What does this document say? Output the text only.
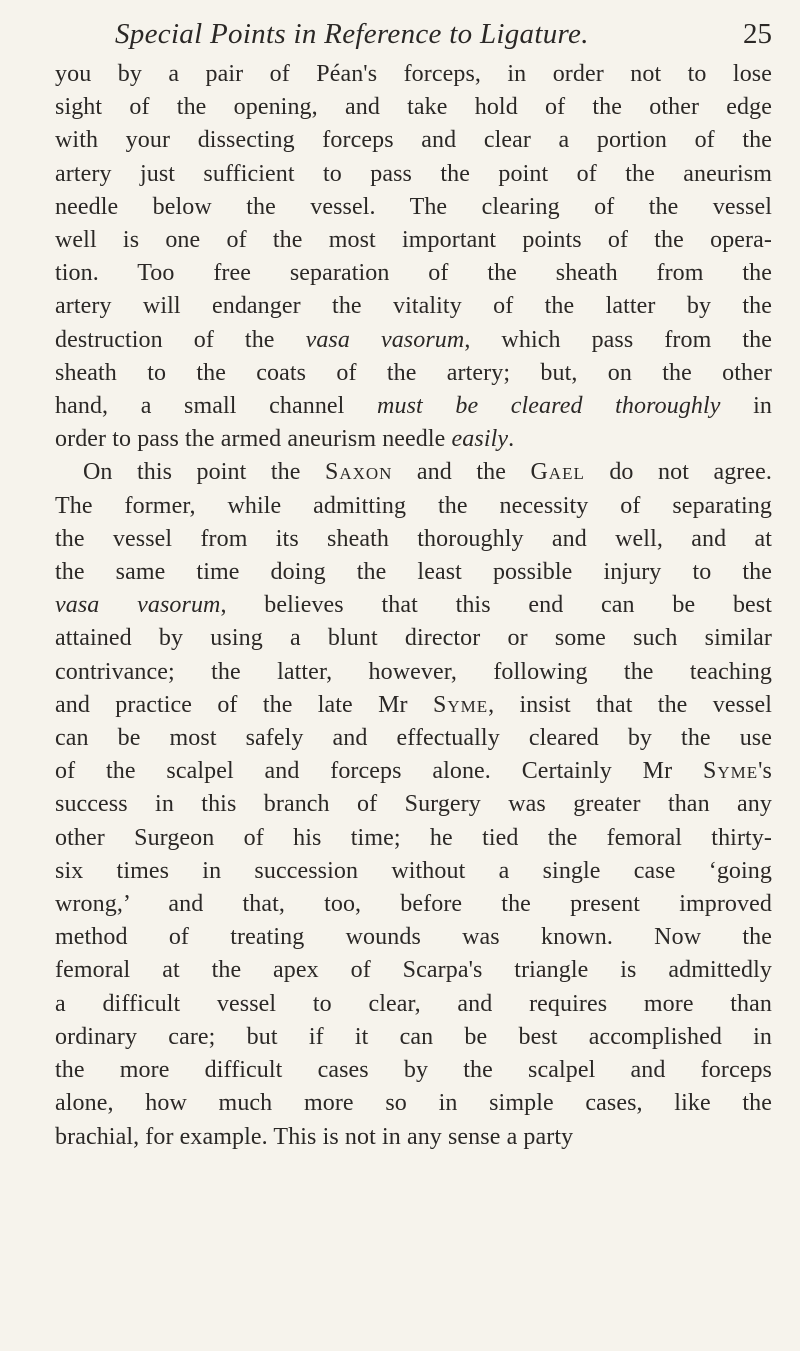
Special Points in Reference to Ligature.	25
you by a pair of Péan's forceps, in order not to lose
sight of the opening, and take hold of the other edge
with your dissecting forceps and clear a portion of the
artery just sufficient to pass the point of the aneurism
needle below the vessel. The clearing of the vessel
well is one of the most important points of the opera-
tion. Too free separation of the sheath from the
artery will endanger the vitality of the latter by the
destruction of the vasa vasorum, which pass from the
sheath to the coats of the artery; but, on the other
hand, a small channel must be cleared thoroughly in
order to pass the armed aneurism needle easily.
On this point the Saxon and the Gael do not agree.
The former, while admitting the necessity of separating
the vessel from its sheath thoroughly and well, and at
the same time doing the least possible injury to the
vasa vasorum, believes that this end can be best
attained by using a blunt director or some such similar
contrivance; the latter, however, following the teaching
and practice of the late Mr Syme, insist that the vessel
can be most safely and effectually cleared by the use
of the scalpel and forceps alone. Certainly Mr Syme's
success in this branch of Surgery was greater than any
other Surgeon of his time; he tied the femoral thirty-
six times in succession without a single case ‘going
wrong,’ and that, too, before the present improved
method of treating wounds was known. Now the
femoral at the apex of Scarpa's triangle is admittedly
a difficult vessel to clear, and requires more than
ordinary care; but if it can be best accomplished in
the more difficult cases by the scalpel and forceps
alone, how much more so in simple cases, like the
brachial, for example. This is not in any sense a party
